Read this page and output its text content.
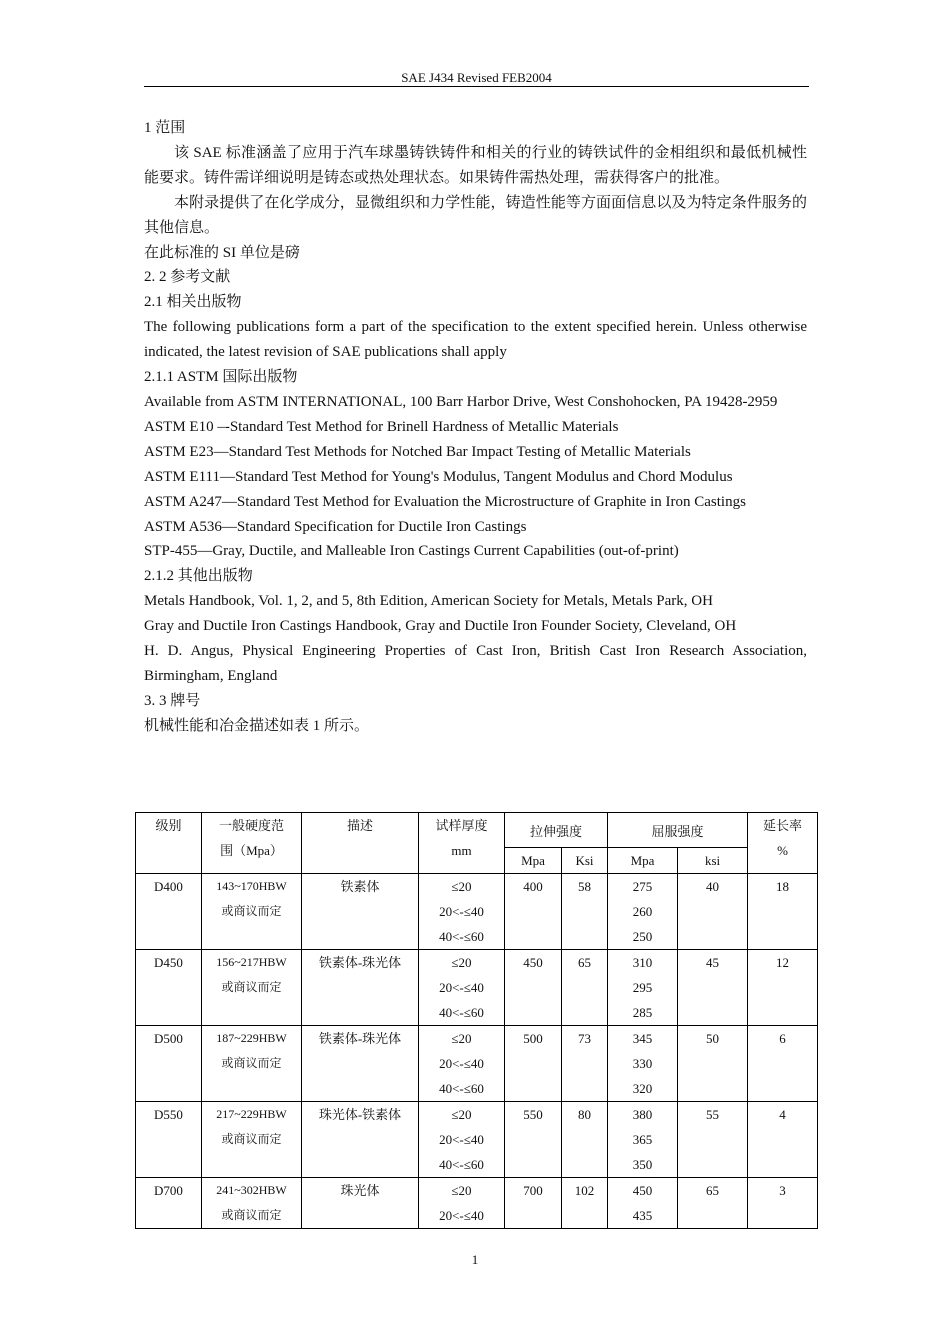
SAE J434 Revised FEB2004

1 范围

该 SAE 标准涵盖了应用于汽车球墨铸铁铸件和相关的行业的铸铁试件的金相组织和最低机械性能要求。铸件需详细说明是铸态或热处理状态。如果铸件需热处理，需获得客户的批准。

本附录提供了在化学成分，显微组织和力学性能，铸造性能等方面面信息以及为特定条件服务的其他信息。

在此标准的 SI 单位是磅

2. 2 参考文献

2.1 相关出版物

The following publications form a part of the specification to the extent specified herein. Unless otherwise indicated, the latest revision of SAE publications shall apply

2.1.1 ASTM 国际出版物

Available from ASTM INTERNATIONAL, 100 Barr Harbor Drive, West Conshohocken, PA 19428-2959

ASTM E10 –-Standard Test Method for Brinell Hardness of Metallic Materials

ASTM E23—Standard Test Methods for Notched Bar Impact Testing of Metallic Materials

ASTM E111—Standard Test Method for Young's Modulus, Tangent Modulus and Chord Modulus

ASTM A247—Standard Test Method for Evaluation the Microstructure of Graphite in Iron Castings

ASTM A536—Standard Specification for Ductile Iron Castings

STP-455—Gray, Ductile, and Malleable Iron Castings Current Capabilities (out-of-print)

2.1.2 其他出版物

Metals Handbook, Vol. 1, 2, and 5, 8th Edition, American Society for Metals, Metals Park, OH

Gray and Ductile Iron Castings Handbook, Gray and Ductile Iron Founder Society, Cleveland, OH

H. D. Angus, Physical Engineering Properties of Cast Iron, British Cast Iron Research Association, Birmingham, England

3. 3 牌号

机械性能和冶金描述如表 1 所示。

级别	一般硬度范
围（Mpa）	描述	试样厚度
mm	拉伸强度		屈服强度		延长率
%

				Mpa	Ksi	Mpa	ksi	

D400	143~170HBW
或商议而定	铁素体	≤20
20<-≤40
40<-≤60	400	58	275
260
250	40	18

D450	156~217HBW
或商议而定	铁素体-珠光体	≤20
20<-≤40
40<-≤60	450	65	310
295
285	45	12

D500	187~229HBW
或商议而定	铁素体-珠光体	≤20
20<-≤40
40<-≤60	500	73	345
330
320	50	6

D550	217~229HBW
或商议而定	珠光体-铁素体	≤20
20<-≤40
40<-≤60	550	80	380
365
350	55	4

D700	241~302HBW
或商议而定	珠光体	≤20
20<-≤40	700	102	450
435	65	3
1
